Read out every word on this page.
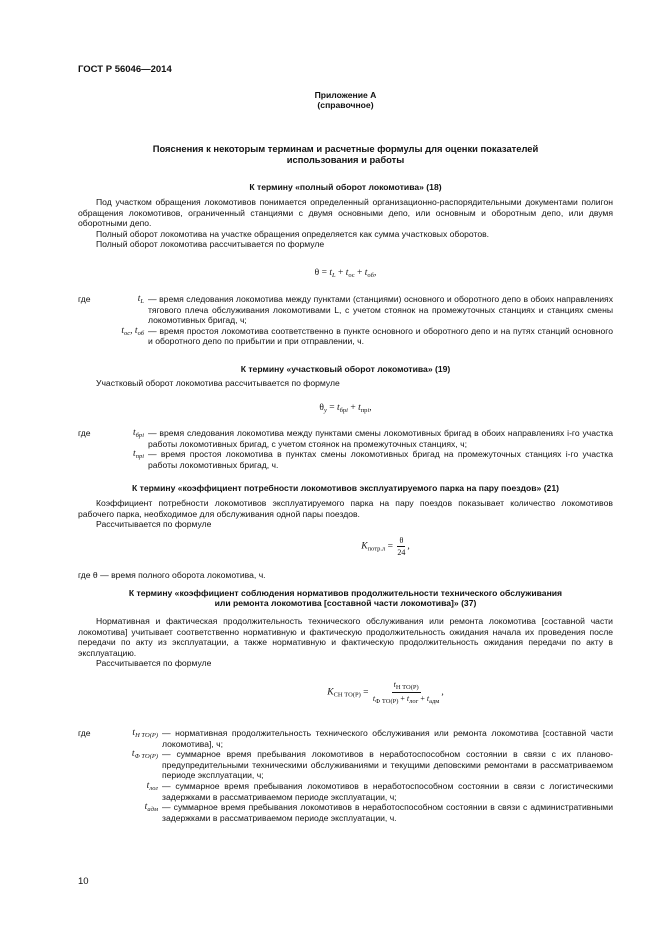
ГОСТ Р 56046—2014
Приложение А
(справочное)
Пояснения к некоторым терминам и расчетные формулы для оценки показателей
использования и работы
К термину «полный оборот локомотива» (18)

Под участком обращения локомотивов понимается определенный организационно-распорядительными документами полигон обращения локомотивов, ограниченный станциями с двумя основными депо, или основным и оборотным депо, или двумя оборотными депо.

Полный оборот локомотива на участке обращения определяется как сумма участковых оборотов.

Полный оборот локомотива рассчитывается по формуле

$\theta = t_L + t_{ос} + t_{об}$,
где	$t_L$ — время следования локомотива между пунктами (станциями) основного и оборотного депо в обоих направлениях тягового плеча обслуживания локомотивами L, с учетом стоянок на промежуточных станциях и станциях смены локомотивных бригад, ч;
$t_{ос}$, $t_{об}$ — время простоя локомотива соответственно в пункте основного и оборотного депо и на путях станций основного и оборотного депо по прибытии и при отправлении, ч.
К термину «участковый оборот локомотива» (19)

Участковый оборот локомотива рассчитывается по формуле

$\theta_у = t_{брi} + t_{прi}$,
где	$t_{брi}$ — время следования локомотива между пунктами смены локомотивных бригад в обоих направлениях i-го участка работы локомотивных бригад, с учетом стоянок на промежуточных станциях, ч;
$t_{прi}$ — время простоя локомотива в пунктах смены локомотивных бригад на промежуточных станциях i-го участка работы локомотивных бригад, ч.
К термину «коэффициент потребности локомотивов эксплуатируемого парка на пару поездов» (21)

Коэффициент потребности локомотивов эксплуатируемого парка на пару поездов показывает количество локомотивов рабочего парка, необходимое для обслуживания одной пары поездов.

Рассчитывается по формуле

$K_{потр.л} = \frac{\theta}{24}$ ,

где θ — время полного оборота локомотива, ч.

К термину «коэффициент соблюдения нормативов продолжительности технического обслуживания
или ремонта локомотива [составной части локомотива]» (37)

Нормативная и фактическая продолжительность технического обслуживания или ремонта локомотива [составной части локомотива] учитывает соответственно нормативную и фактическую продолжительность ожидания начала их проведения после передачи по акту из эксплуатации, а также нормативную и фактическую продолжительность ожидания передачи по акту в эксплуатацию.

Рассчитывается по формуле

$K_{СН ТО(Р)} = \frac{t_{Н ТО(Р)}}{t_{Ф ТО(Р)} + t_{лог} + t_{адм}}$ ,
где	$t_{Н ТО(Р)}$ — нормативная продолжительность технического обслуживания или ремонта локомотива [составной части локомотива], ч;
$t_{Ф ТО(Р)}$ — суммарное время пребывания локомотивов в неработоспособном состоянии в связи с их планово-предупредительными техническими обслуживаниями и текущими деповскими ремонтами в рассматриваемом периоде эксплуатации, ч;
$t_{лог}$ — суммарное время пребывания локомотивов в неработоспособном состоянии в связи с логистическими задержками в рассматриваемом периоде эксплуатации, ч;
$t_{адм}$ — суммарное время пребывания локомотивов в неработоспособном состоянии в связи с административными задержками в рассматриваемом периоде эксплуатации, ч.
10
